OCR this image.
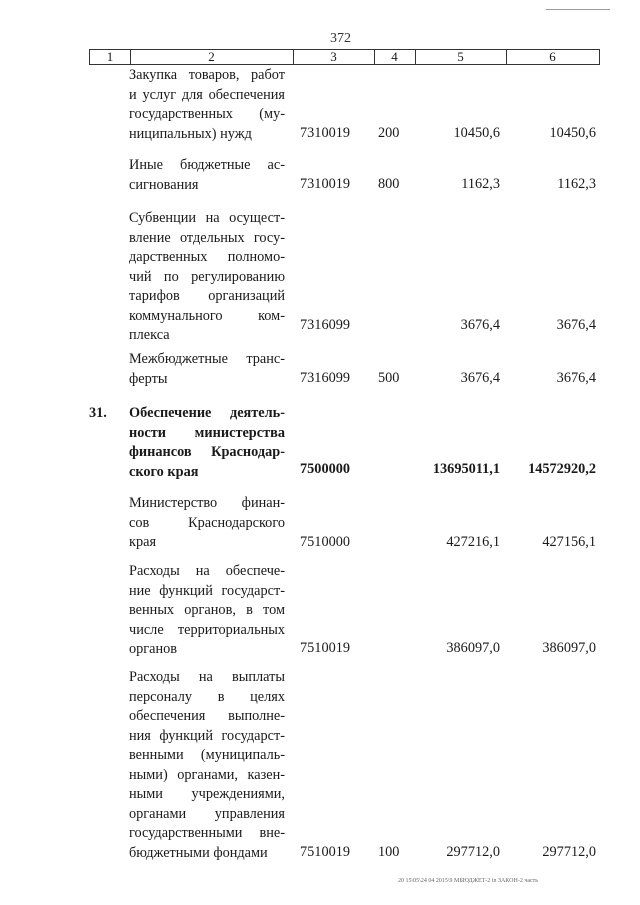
372
1	2	3	4	5	6
Закупка товаров, работ
и услуг для обеспечения
государственных (му-
ниципальных) нужд	7310019 200	10450,6	10450,6
Иные бюджетные ас-
сигнования	7310019 800	1162,3	1162,3
Субвенции на осущест-
вление отдельных госу-
дарственных полномо-
чий по регулированию
тарифов организаций
коммунального ком-
плекса
7316099	3676,4	3676,4
Межбюджетные транс-
ферты	7316099 500	3676,4	3676,4
31. Обеспечение деятель-
ности министерства
финансов Краснодар-
ского края	7500000	13695011,1 14572920,2
Министерство финан-
сов Краснодарского
края	7510000	427216,1	427156,1
Расходы на обеспече-
ние функций государст-
венных органов, в том
числе территориальных
органов	7510019	386097,0	386097,0
Расходы на выплаты
персоналу в целях
обеспечения выполне-
ния функций государст-
венными (муниципаль-
ными) органами, казен-
ными учреждениями,
органами управления
государственными вне-
бюджетными фондами	7510019 100	297712,0	297712,0
20 15\05\24 04 2015\9 МБЮДЖЕТ-2 in ЗАКОН-2 часть
